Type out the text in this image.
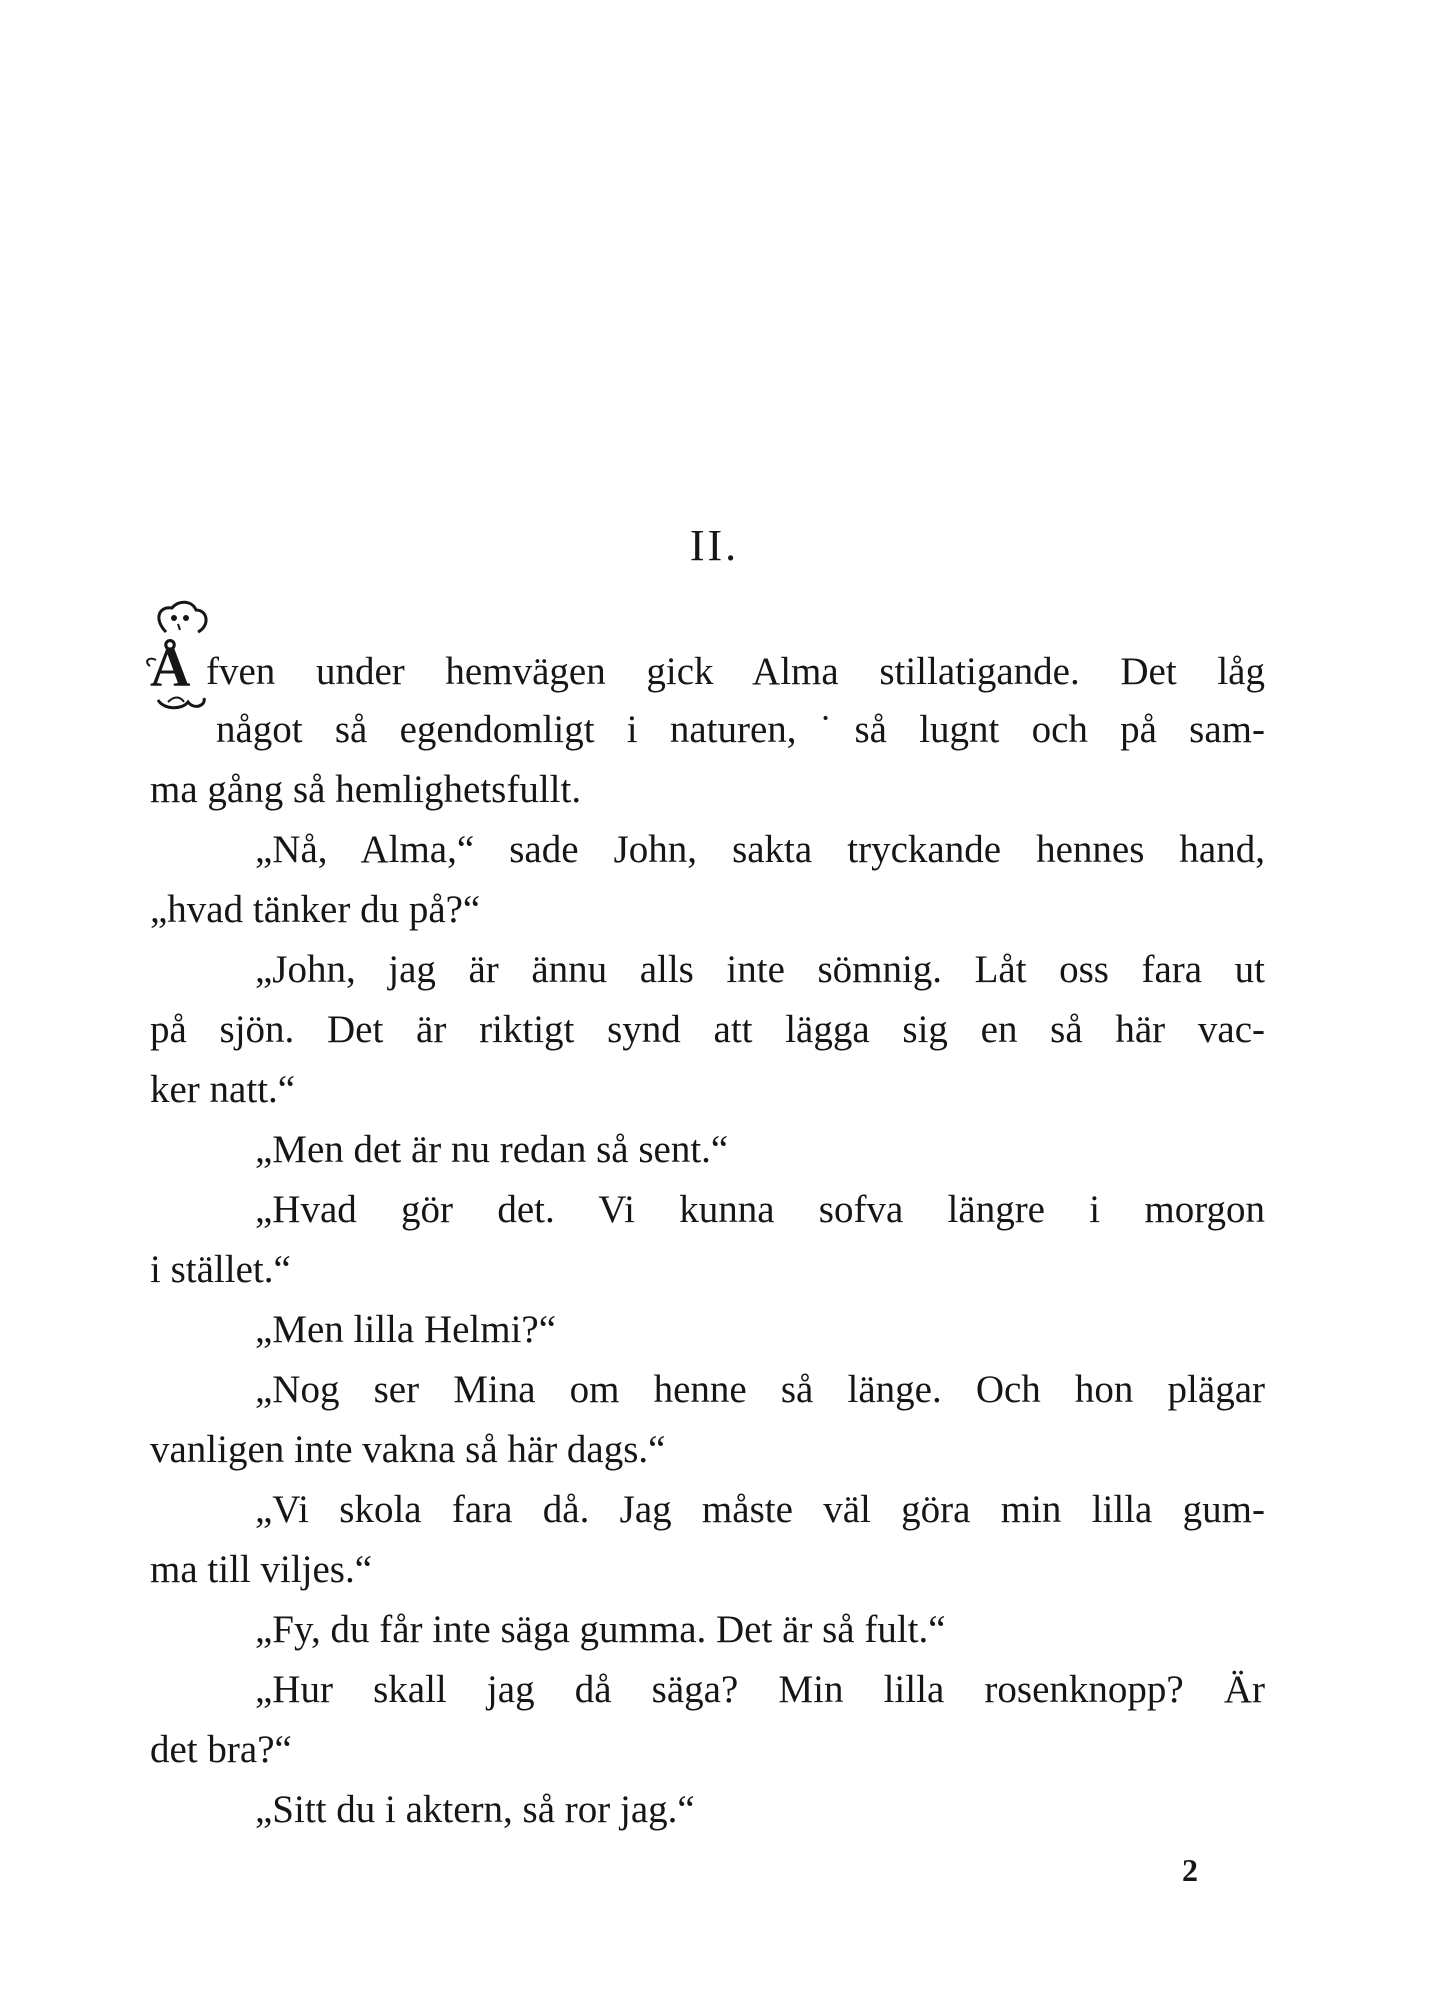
II.
Å fven under hemvägen gick Alma stillatigande. Det låg
något så egendomligt i naturen,˙så lugnt och på sam-
ma gång så hemlighetsfullt.
„Nå, Alma,“ sade John, sakta tryckande hennes hand,
„hvad tänker du på?“
„John, jag är ännu alls inte sömnig. Låt oss fara ut
på sjön. Det är riktigt synd att lägga sig en så här vac-
ker natt.“
„Men det är nu redan så sent.“
„Hvad gör det. Vi kunna sofva längre i morgon
i stället.“
„Men lilla Helmi?“
„Nog ser Mina om henne så länge. Och hon plägar
vanligen inte vakna så här dags.“
„Vi skola fara då. Jag måste väl göra min lilla gum-
ma till viljes.“
„Fy, du får inte säga gumma. Det är så fult.“
„Hur skall jag då säga? Min lilla rosenknopp? Är
det bra?“
„Sitt du i aktern, så ror jag.“
2
